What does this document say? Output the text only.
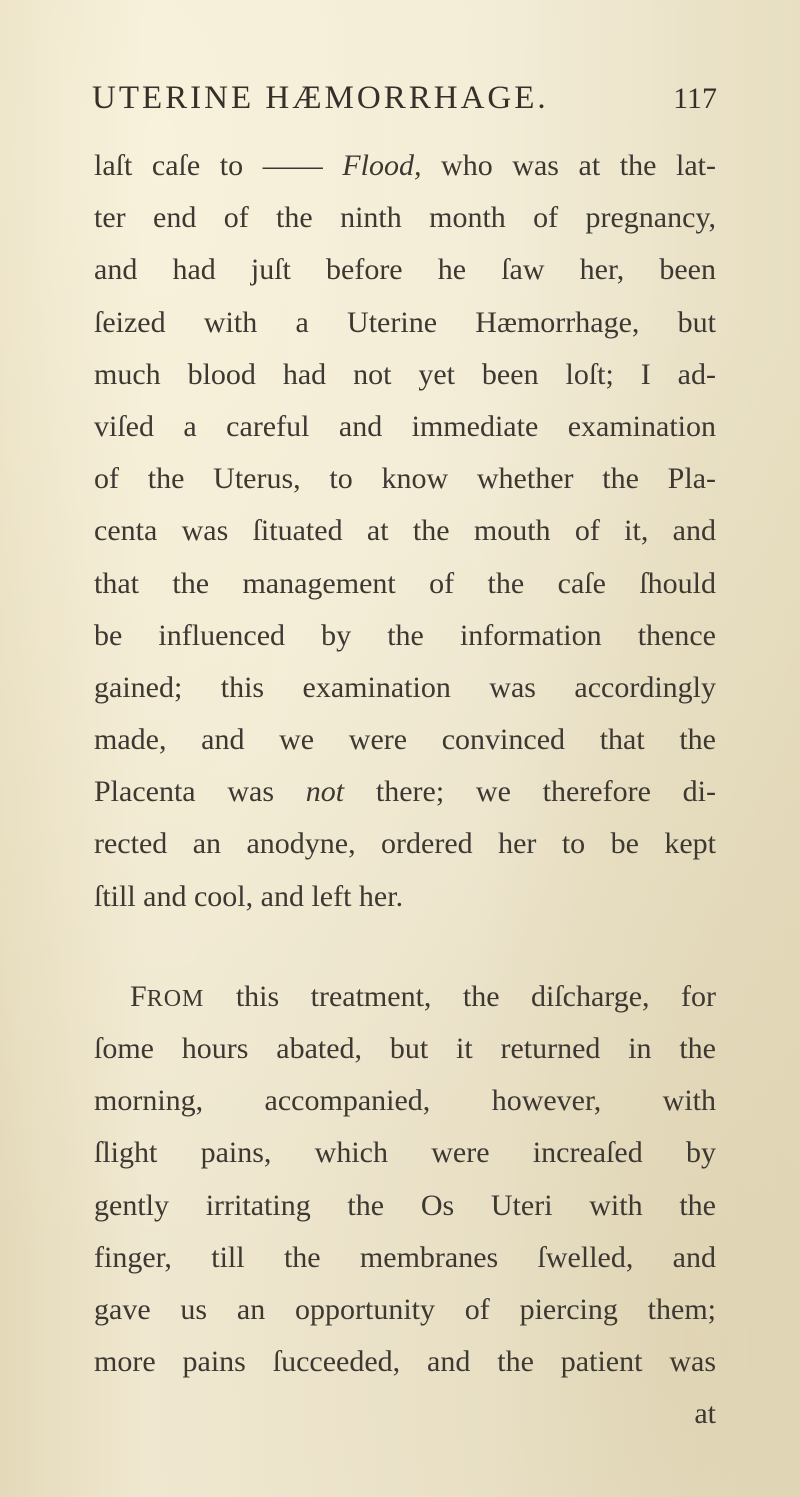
UTERINE HÆMORRHAGE.	117
laſt caſe to —— Flood, who was at the lat-
ter end of the ninth month of pregnancy,
and had juſt before he ſaw her, been
ſeized with a Uterine Hæmorrhage, but
much blood had not yet been loſt; I ad-
viſed a careful and immediate examination
of the Uterus, to know whether the Pla-
centa was ſituated at the mouth of it, and
that the management of the caſe ſhould
be influenced by the information thence
gained; this examination was accordingly
made, and we were convinced that the
Placenta was not there; we therefore di-
rected an anodyne, ordered her to be kept
ſtill and cool, and left her.
FROM this treatment, the diſcharge, for
ſome hours abated, but it returned in the
morning, accompanied, however, with
ſlight pains, which were increaſed by
gently irritating the Os Uteri with the
finger, till the membranes ſwelled, and
gave us an opportunity of piercing them;
more pains ſucceeded, and the patient was
at
